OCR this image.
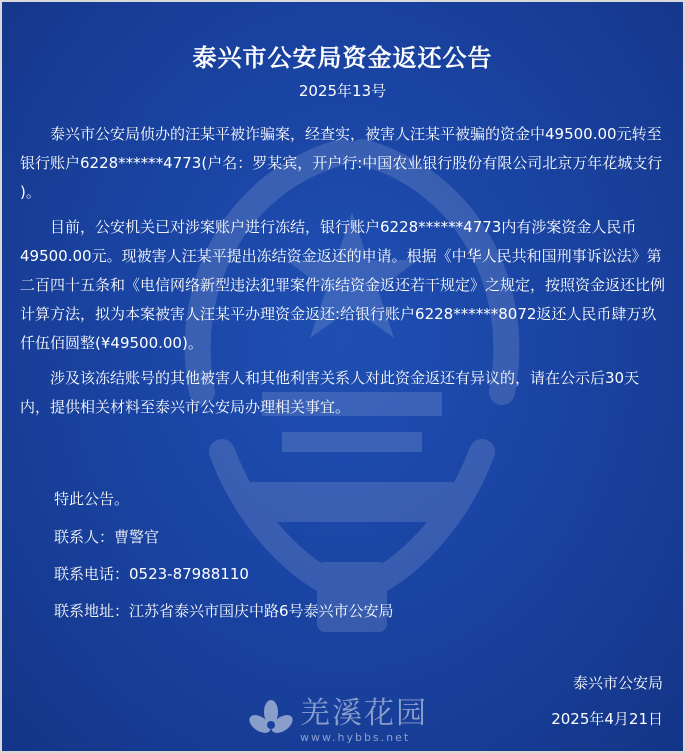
泰兴市公安局资金返还公告
2025年13号

泰兴市公安局侦办的汪某平被诈骗案，经查实，被害人汪某平被骗的资金中49500.00元转至银行账户6228******4773(户名：罗某宾，开户行:中国农业银行股份有限公司北京万年花城支行 )。

目前，公安机关已对涉案账户进行冻结，银行账户6228******4773内有涉案资金人民币49500.00元。现被害人汪某平提出冻结资金返还的申请。根据《中华人民共和国刑事诉讼法》第二百四十五条和《电信网络新型违法犯罪案件冻结资金返还若干规定》之规定，按照资金返还比例计算方法，拟为本案被害人汪某平办理资金返还:给银行账户6228******8072返还人民币肆万玖仟伍佰圆整(¥49500.00)。

涉及该冻结账号的其他被害人和其他利害关系人对此资金返还有异议的，请在公示后30天内，提供相关材料至泰兴市公安局办理相关事宜。

特此公告。
联系人：曹警官
联系电话：0523-87988110
联系地址：江苏省泰兴市国庆中路6号泰兴市公安局
泰兴市公安局
2025年4月21日
羌溪花园
www.hybbs.net
